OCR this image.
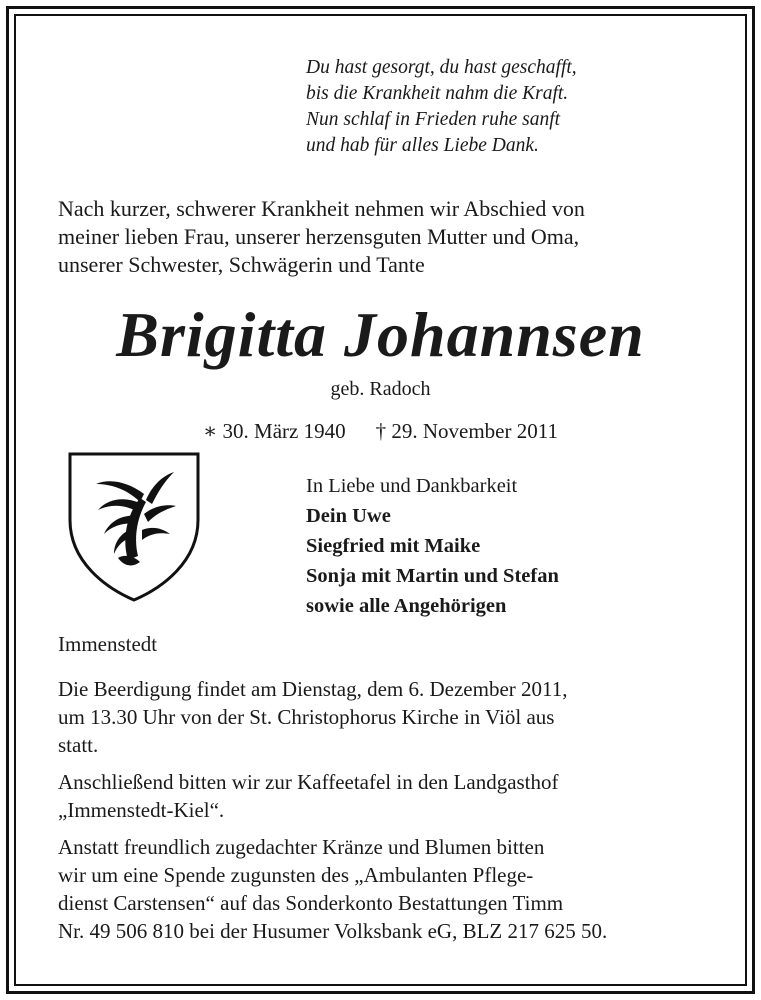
Du hast gesorgt, du hast geschafft,
bis die Krankheit nahm die Kraft.
Nun schlaf in Frieden ruhe sanft
und hab für alles Liebe Dank.
Nach kurzer, schwerer Krankheit nehmen wir Abschied von
meiner lieben Frau, unserer herzensguten Mutter und Oma,
unserer Schwester, Schwägerin und Tante
Brigitta Johannsen
geb. Radoch
∗ 30. März 1940 † 29. November 2011
In Liebe und Dankbarkeit
Dein Uwe
Siegfried mit Maike
Sonja mit Martin und Stefan
sowie alle Angehörigen
Immenstedt
Die Beerdigung findet am Dienstag, dem 6. Dezember 2011,
um 13.30 Uhr von der St. Christophorus Kirche in Viöl aus
statt.
Anschließend bitten wir zur Kaffeetafel in den Landgasthof
„Immenstedt-Kiel“.
Anstatt freundlich zugedachter Kränze und Blumen bitten
wir um eine Spende zugunsten des „Ambulanten Pflege-
dienst Carstensen“ auf das Sonderkonto Bestattungen Timm
Nr. 49 506 810 bei der Husumer Volksbank eG, BLZ 217 625 50.
